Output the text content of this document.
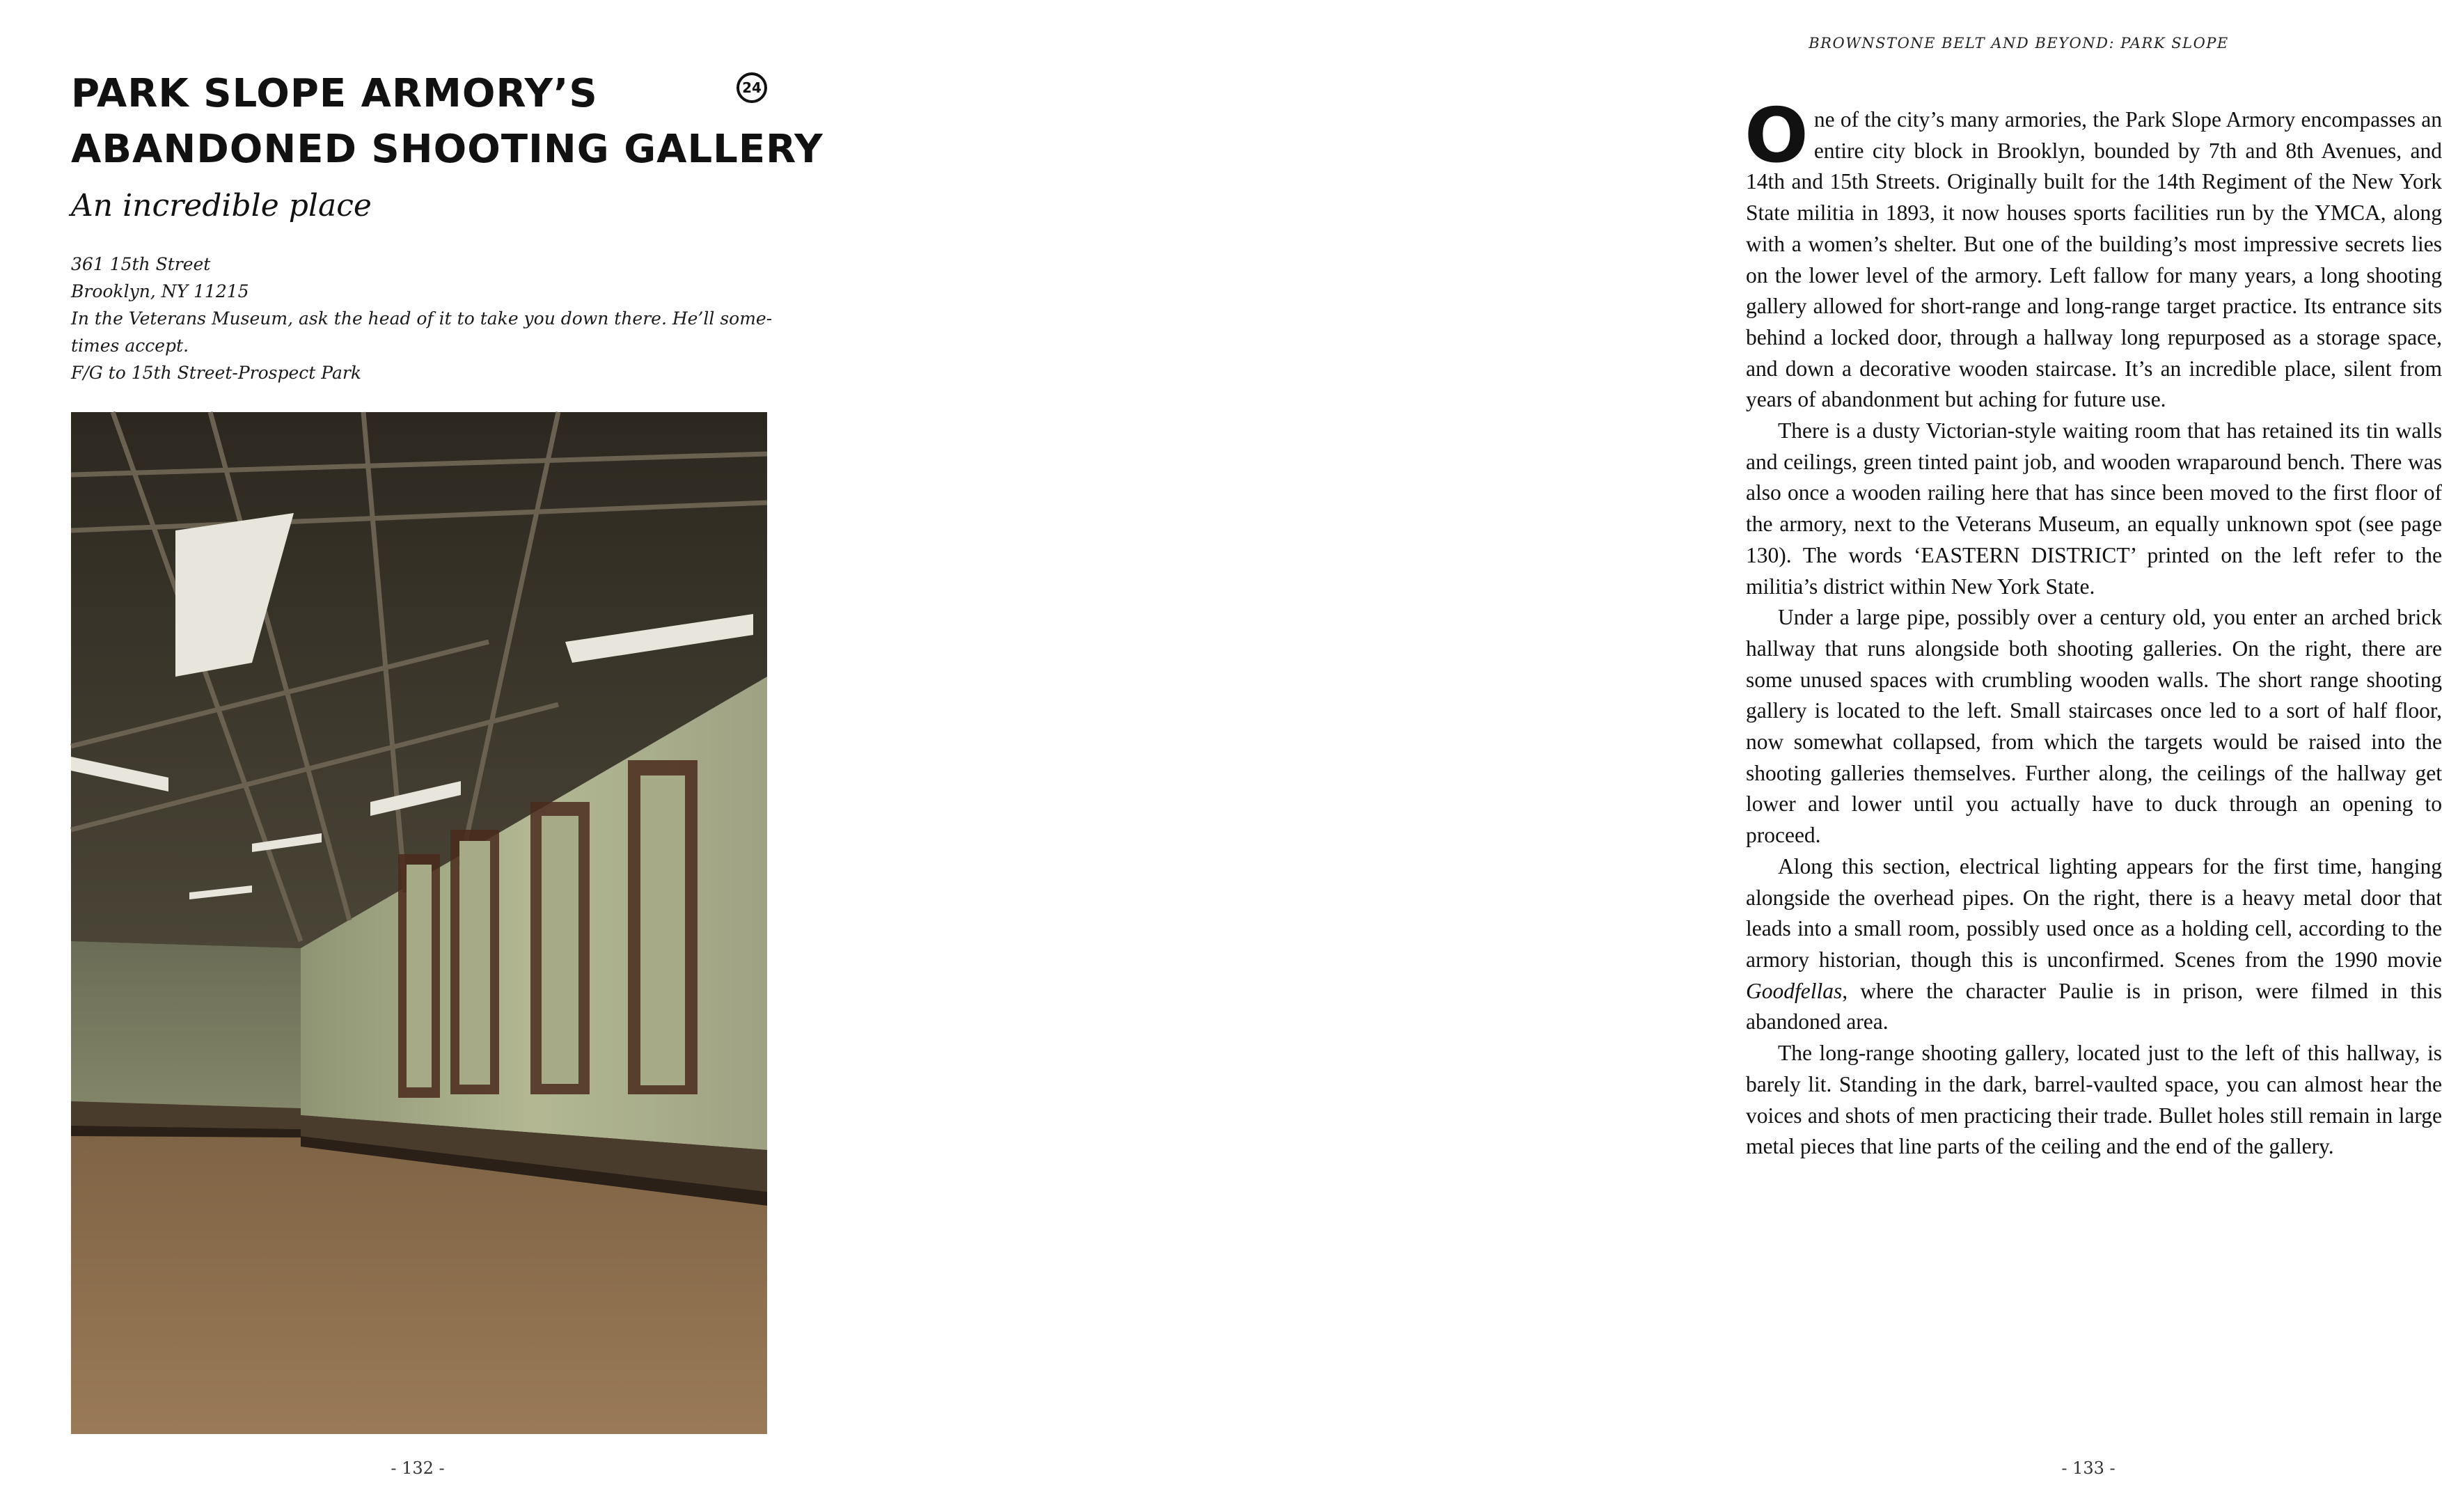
PARK SLOPE ARMORY’S
ABANDONED SHOOTING GALLERY
24
An incredible place
361 15th Street
Brooklyn, NY 11215
In the Veterans Museum, ask the head of it to take you down there. He’ll some-
times accept.
F/G to 15th Street-Prospect Park
- 132 -
BROWNSTONE BELT AND BEYOND: PARK SLOPE

One of the city’s many armories, the Park Slope Armory encompasses an entire city block in Brooklyn, bounded by 7th and 8th Avenues, and 14th and 15th Streets. Originally built for the 14th Regiment of the New York State militia in 1893, it now houses sports facilities run by the YMCA, along with a women’s shelter. But one of the building’s most impressive secrets lies on the lower level of the armory. Left fallow for many years, a long shooting gallery allowed for short-range and long-range target practice. Its entrance sits behind a locked door, through a hallway long repurposed as a storage space, and down a decorative wooden staircase. It’s an incredible place, silent from years of abandonment but aching for future use.

There is a dusty Victorian-style waiting room that has retained its tin walls and ceilings, green tinted paint job, and wooden wraparound bench. There was also once a wooden railing here that has since been moved to the first floor of the armory, next to the Veterans Museum, an equally unknown spot (see page 130). The words ‘EASTERN DISTRICT’ printed on the left refer to the militia’s district within New York State.

Under a large pipe, possibly over a century old, you enter an arched brick hallway that runs alongside both shooting galleries. On the right, there are some unused spaces with crumbling wooden walls. The short range shooting gallery is located to the left. Small staircases once led to a sort of half floor, now somewhat collapsed, from which the targets would be raised into the shooting galleries themselves. Further along, the ceilings of the hallway get lower and lower until you actually have to duck through an opening to proceed.

Along this section, electrical lighting appears for the first time, hanging alongside the overhead pipes. On the right, there is a heavy metal door that leads into a small room, possibly used once as a holding cell, according to the armory historian, though this is unconfirmed. Scenes from the 1990 movie Goodfellas, where the character Paulie is in prison, were filmed in this abandoned area.

The long-range shooting gallery, located just to the left of this hallway, is barely lit. Standing in the dark, barrel-vaulted space, you can almost hear the voices and shots of men practicing their trade. Bullet holes still remain in large metal pieces that line parts of the ceiling and the end of the gallery.

- 133 -
